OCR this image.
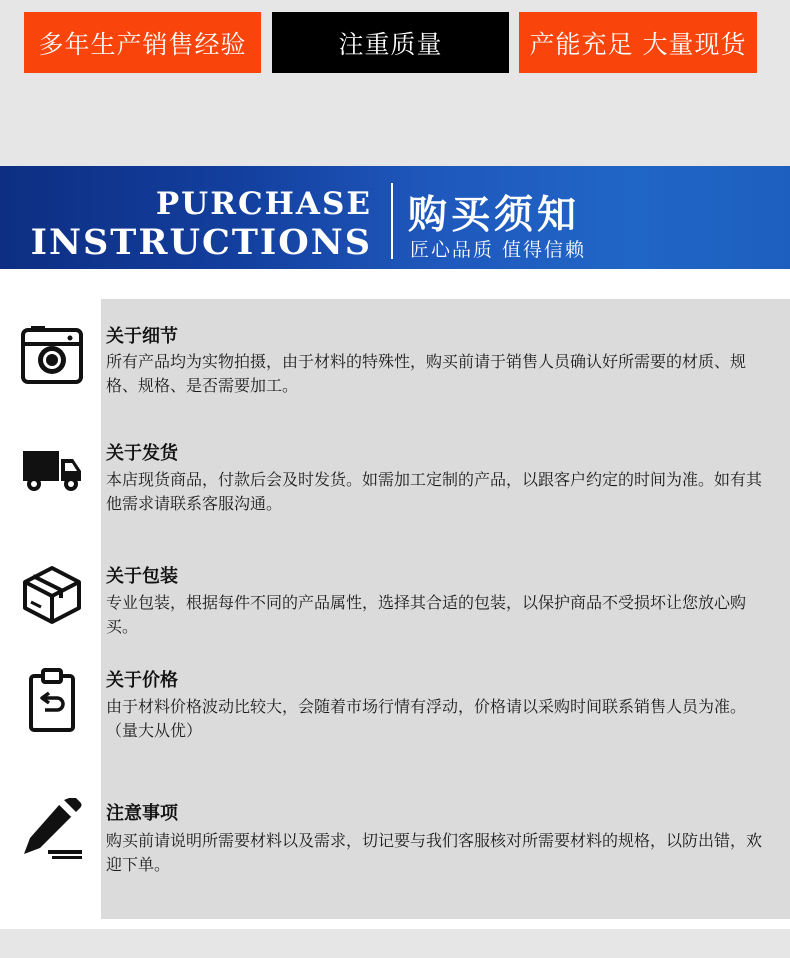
多年生产销售经验	注重质量	产能充足 大量现货
PURCHASE
INSTRUCTIONS
购买须知
匠心品质 值得信赖
关于细节
所有产品均为实物拍摄，由于材料的特殊性，购买前请于销售人员确认好所需要的材质、规格、规格、是否需要加工。
关于发货
本店现货商品，付款后会及时发货。如需加工定制的产品，以跟客户约定的时间为准。如有其他需求请联系客服沟通。
关于包装
专业包装，根据每件不同的产品属性，选择其合适的包装，以保护商品不受损坏让您放心购买。
关于价格
由于材料价格波动比较大，会随着市场行情有浮动，价格请以采购时间联系销售人员为准。（量大从优）
注意事项
购买前请说明所需要材料以及需求，切记要与我们客服核对所需要材料的规格，以防出错，欢迎下单。
